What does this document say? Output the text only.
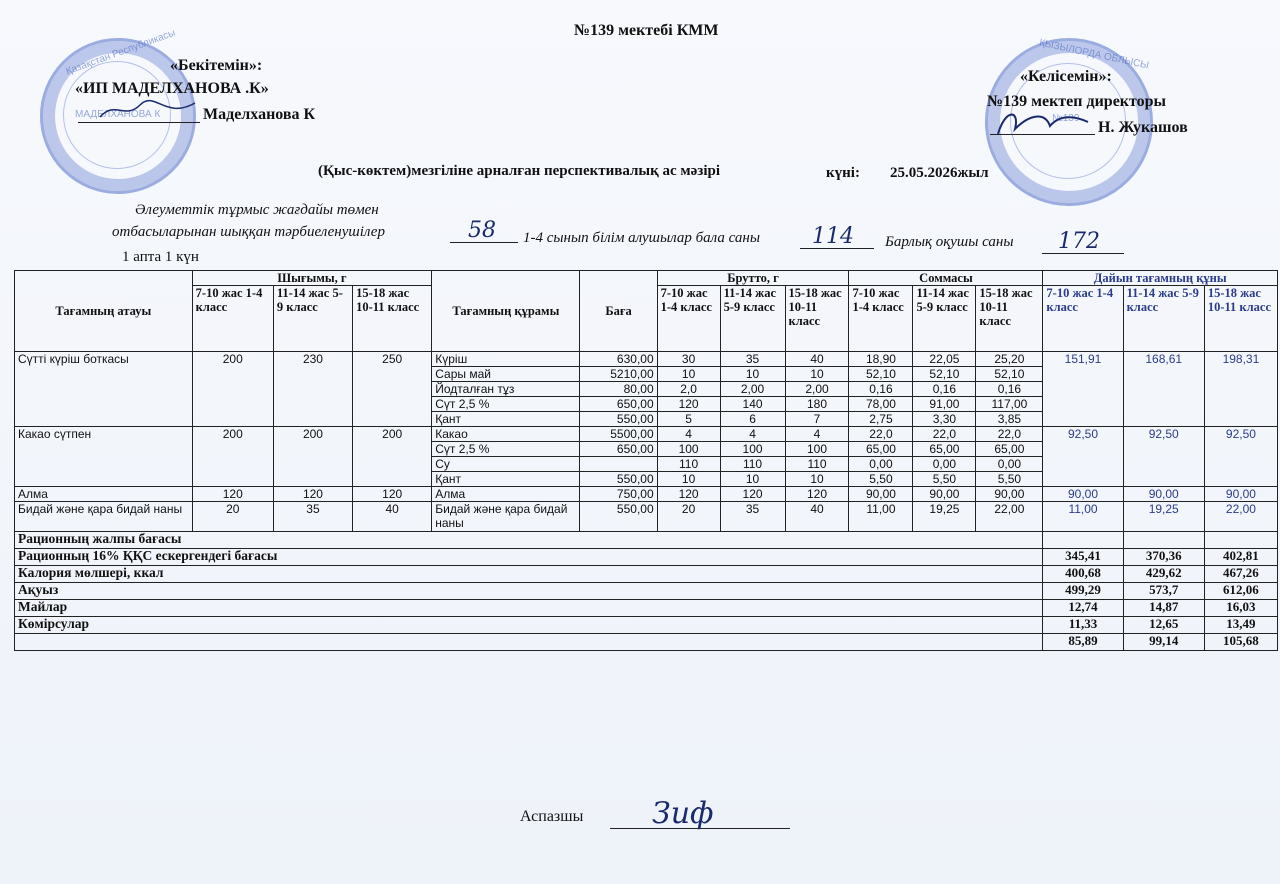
МАДЕЛХАНОВА К
Қазақстан Республикасы	ҚЫЗЫЛОРДА ОБЛЫСЫ
№139
№139 мектебі КММ
«Бекітемін»:
«ИП МАДЕЛХАНОВА .К»
Маделханова К
«Келісемін»:
№139 мектеп директоры
Н. Жукашов
(Қыс-көктем)мезгіліне арналған перспективалық ас мәзірі	күні: 25.05.2026жыл
Әлеуметтік тұрмыс жағдайы төмен
отбасыларынан шыққан тәрбиеленушілер	58 1-4 сынып білім алушылар бала саны 114 Барлық оқушы саны 172
1 апта 1 күн
Тағамның атауы	Шығымы, г			Тағамның құрамы	Баға	Брутто, г			Соммасы			Дайын тағамның құны		
	7-10 жас 1-4 класс	11-14 жас 5-9 класс	15-18 жас 10-11 класс			7-10 жас 1-4 класс	11-14 жас 5-9 класс	15-18 жас 10-11 класс	7-10 жас 1-4 класс	11-14 жас 5-9 класс	15-18 жас 10-11 класс	7-10 жас 1-4 класс	11-14 жас 5-9 класс	15-18 жас 10-11 класс
Сүтті күріш боткасы	200	230	250	Күріш	630,00	30	35	40	18,90	22,05	25,20	151,91	168,61	198,31
				Сары май	5210,00	10	10	10	52,10	52,10	52,10			
				Йодталған тұз	80,00	2,0	2,00	2,00	0,16	0,16	0,16			
				Сүт 2,5 %	650,00	120	140	180	78,00	91,00	117,00			
				Қант	550,00	5	6	7	2,75	3,30	3,85			
Какао сүтпен	200	200	200	Какао	5500,00	4	4	4	22,0	22,0	22,0	92,50	92,50	92,50
				Сүт 2,5 %	650,00	100	100	100	65,00	65,00	65,00			
				Су		110	110	110	0,00	0,00	0,00			
				Қант	550,00	10	10	10	5,50	5,50	5,50			
Алма	120	120	120	Алма	750,00	120	120	120	90,00	90,00	90,00	90,00	90,00	90,00
Бидай және қара бидай наны	20	35	40	Бидай және қара бидай наны	550,00	20	35	40	11,00	19,25	22,00	11,00	19,25	22,00
Рационның жалпы бағасы														
Рационның 16% ҚҚС ескергендегі бағасы												345,41	370,36	402,81
Калория мөлшері, ккал												400,68	429,62	467,26
Ақуыз												499,29	573,7	612,06
Майлар												12,74	14,87	16,03
Көмірсулар												11,33	12,65	13,49
												85,89	99,14	105,68
Аспазшы Зиф
